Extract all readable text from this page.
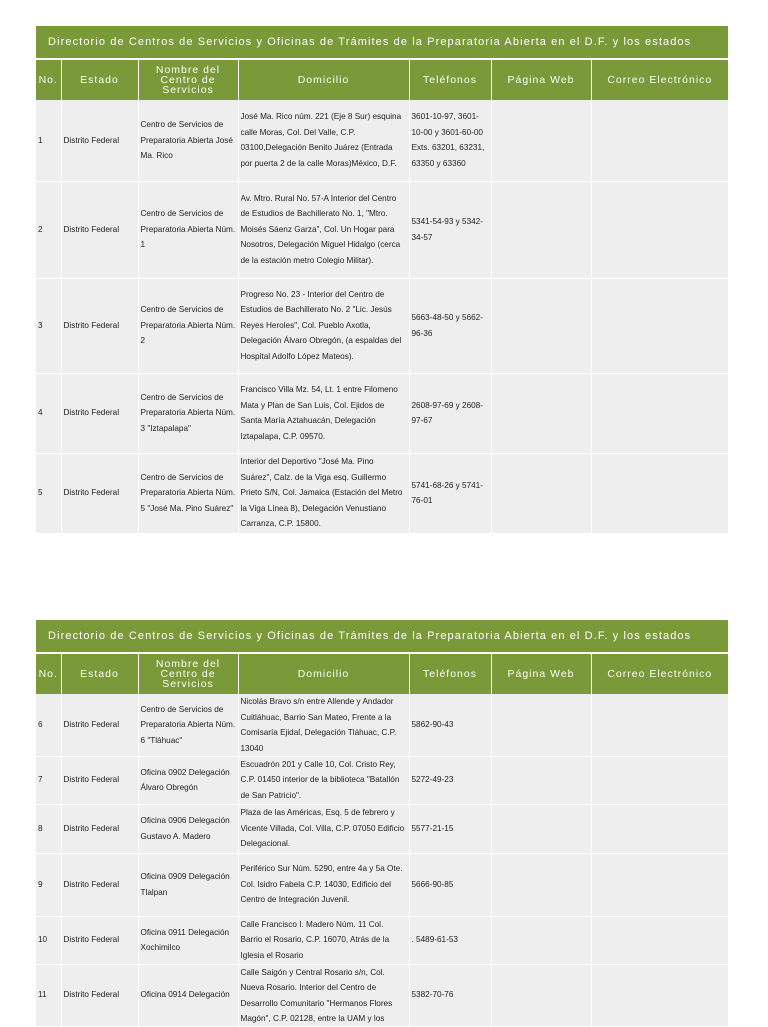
Directorio de Centros de Servicios y Oficinas de Trámites de la Preparatoria Abierta en el D.F. y los estados						
No.	Estado	Nombre del Centro de Servicios	Domicilio	Teléfonos	Página Web	Correo Electrónico
1	Distrito Federal	Centro de Servicios de Preparatoria Abierta José Ma. Rico	José Ma. Rico núm. 221 (Eje 8 Sur) esquina calle Moras, Col. Del Valle, C.P. 03100,Delegación Benito Juárez (Entrada por puerta 2 de la calle Moras)México, D.F.	3601-10-97, 3601-10-00 y 3601-60-00 Exts. 63201, 63231, 63350 y 63360		
2	Distrito Federal	Centro de Servicios de Preparatoria Abierta Núm. 1	Av. Mtro. Rural No. 57-A Interior del Centro de Estudios de Bachillerato No. 1, "Mtro. Moisés Sáenz Garza", Col. Un Hogar para Nosotros, Delegación Miguel Hidalgo (cerca de la estación metro Colegio Militar).	5341-54-93 y 5342-34-57		
3	Distrito Federal	Centro de Servicios de Preparatoria Abierta Núm. 2	Progreso No. 23 - Interior del Centro de Estudios de Bachillerato No. 2 "Lic. Jesús Reyes Heroles", Col. Pueblo Axotla, Delegación Álvaro Obregón, (a espaldas del Hospital Adolfo López Mateos).	5663-48-50 y 5662-96-36		
4	Distrito Federal	Centro de Servicios de Preparatoria Abierta Núm. 3 "Iztapalapa"	Francisco Villa Mz. 54, Lt. 1 entre Filomeno Mata y Plan de San Luis, Col. Ejidos de Santa María Aztahuacán, Delegación Iztapalapa, C.P. 09570.	2608-97-69 y 2608-97-67		
5	Distrito Federal	Centro de Servicios de Preparatoria Abierta Núm. 5 "José Ma. Pino Suárez"	Interior del Deportivo "José Ma. Pino Suárez", Calz. de la Viga esq. Guillermo Prieto S/N, Col. Jamaica (Estación del Metro la Viga Línea 8), Delegación Venustiano Carranza, C.P. 15800.	5741-68-26 y 5741-76-01		
Directorio de Centros de Servicios y Oficinas de Trámites de la Preparatoria Abierta en el D.F. y los estados						
No.	Estado	Nombre del Centro de Servicios	Domicilio	Teléfonos	Página Web	Correo Electrónico
6	Distrito Federal	Centro de Servicios de Preparatoria Abierta Núm. 6 "Tláhuac"	Nicolás Bravo s/n entre Allende y Andador Cuitláhuac, Barrio San Mateo, Frente a la Comisaría Ejidal, Delegación Tláhuac, C.P. 13040	5862-90-43		
7	Distrito Federal	Oficina 0902 Delegación Álvaro Obregón	Escuadrón 201 y Calle 10, Col. Cristo Rey, C.P. 01450 interior de la biblioteca "Batallón de San Patricio".	5272-49-23		
8	Distrito Federal	Oficina 0906 Delegación Gustavo A. Madero	Plaza de las Américas, Esq. 5 de febrero y Vicente Villada, Col. Villa, C.P. 07050 Edificio Delegacional.	5577-21-15		
9	Distrito Federal	Oficina 0909 Delegación Tlalpan	Periférico Sur Núm. 5290, entre 4a y 5a Ote. Col. Isidro Fabela C.P. 14030, Edificio del Centro de Integración Juvenil.	5666-90-85		
10	Distrito Federal	Oficina 0911 Delegación Xochimilco	Calle Francisco I. Madero Núm. 11 Col. Barrio el Rosario, C.P. 16070, Atrás de la Iglesia el Rosario	. 5489-61-53		
11	Distrito Federal	Oficina 0914 Delegación	Calle Saigón y Central Rosario s/n, Col. Nueva Rosario. Interior del Centro de Desarrollo Comunitario "Hermanos Flores Magón", C.P. 02128, entre la UAM y los	5382-70-76		
